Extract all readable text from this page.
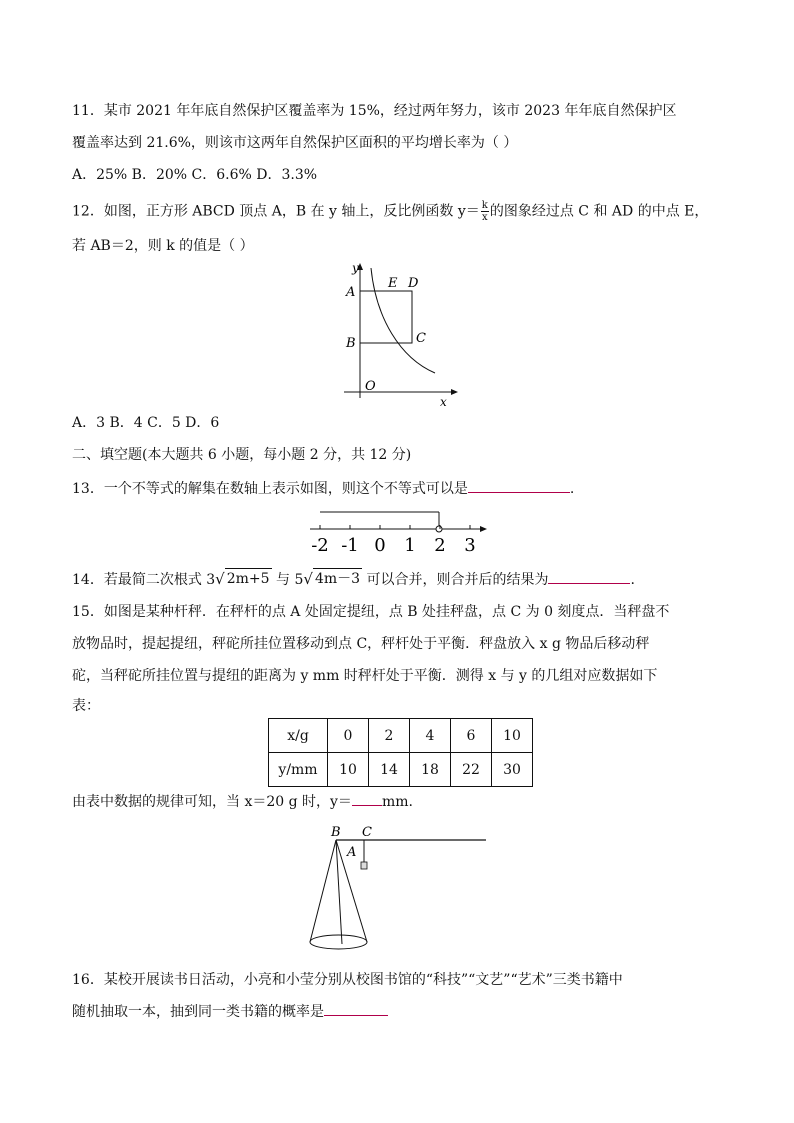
11．某市 2021 年年底自然保护区覆盖率为 15%，经过两年努力，该市 2023 年年底自然保护区
覆盖率达到 21.6%，则该市这两年自然保护区面积的平均增长率为（ ）
A．25% B．20% C．6.6% D．3.3%
12．如图，正方形 ABCD 顶点 A，B 在 y 轴上，反比例函数 $y= \frac{k}{x}$ 的图象经过点 C 和 AD 的中点 E，
若 AB＝2，则 k 的值是（ ）
y
x
O
A
B	C
D
E
A．3 B．4 C．5 D．6
二、填空题(本大题共 6 小题，每小题 2 分，共 12 分)
13．一个不等式的解集在数轴上表示如图，则这个不等式可以是	.
-2 -1 0 1 2 3
14．若最简二次根式 3 √ 2m+5 与 5 √ 4m－3 可以合并，则合并后的结果为	.
15．如图是某种杆秤．在秤杆的点 A 处固定提纽，点 B 处挂秤盘，点 C 为 0 刻度点．当秤盘不
放物品时，提起提纽，秤砣所挂位置移动到点 C，秤杆处于平衡．秤盘放入 x g 物品后移动秤
砣，当秤砣所挂位置与提纽的距离为 y mm 时秤杆处于平衡．测得 x 与 y 的几组对应数据如下
表：
x/g	0	2	4	6	10
y/mm	10	14	18	22	30
由表中数据的规律可知，当 x＝20 g 时，y＝ mm.
B C
A
16．某校开展读书日活动，小亮和小莹分别从校图书馆的“科技”“文艺”“艺术”三类书籍中
随机抽取一本，抽到同一类书籍的概率是
